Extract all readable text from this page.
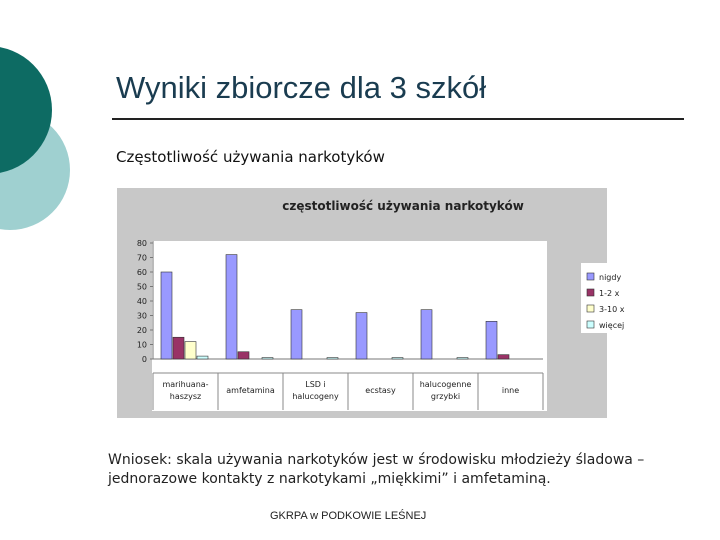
Wyniki zbiorcze dla 3 szkół
Częstotliwość używania narkotyków
częstotliwość używania narkotyków
0
10
20
30
40
50
60
70
80
marihuana-haszysz
amfetamina
LSD i halucogeny
ecstasy
halucogenne grzybki
inne
nigdy
1-2 x
3-10 x
więcej
Wniosek: skala używania narkotyków jest w środowisku młodzieży śladowa – jednorazowe kontakty z narkotykami „miękkimi” i amfetaminą.
GKRPA w PODKOWIE LEŚNEJ
